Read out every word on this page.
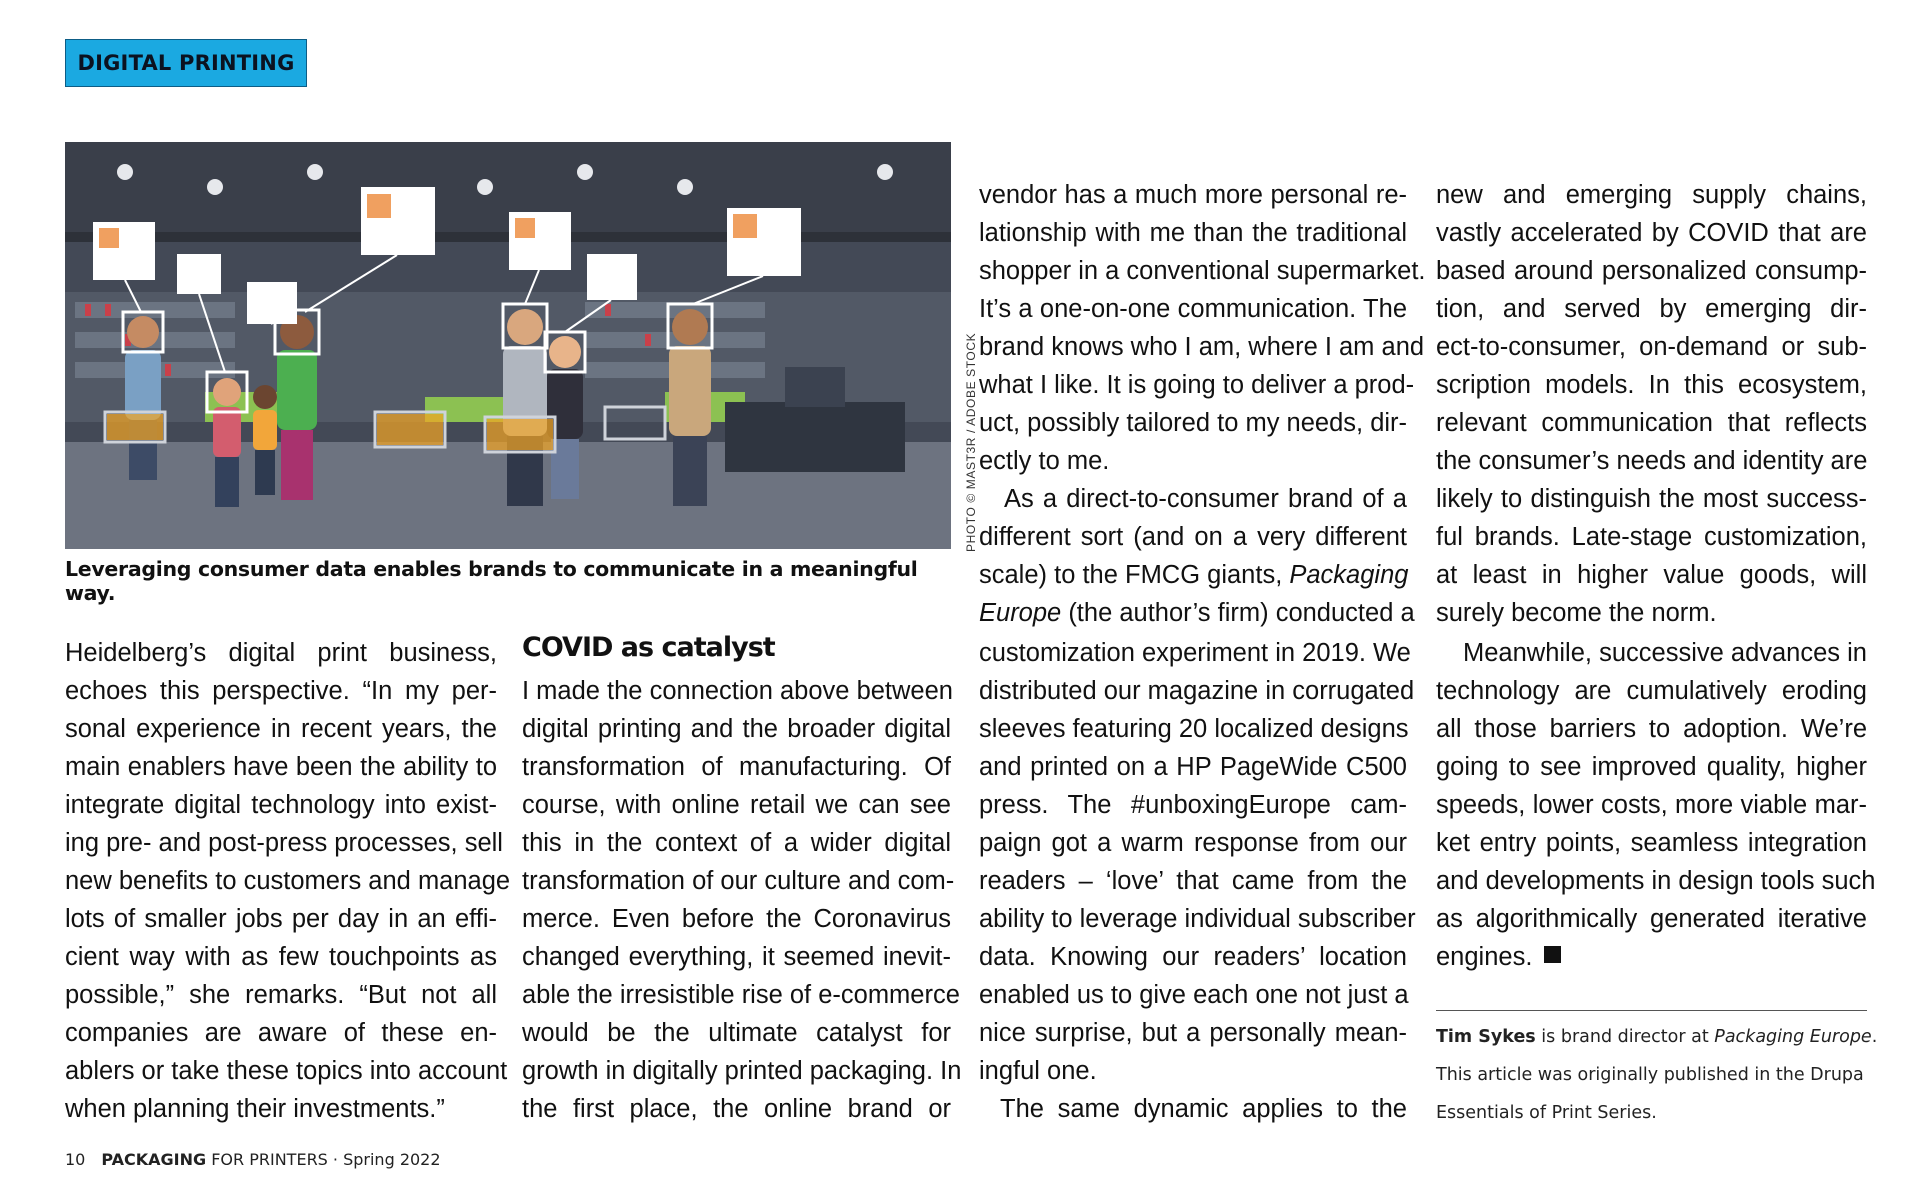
DIGITAL PRINTING
PHOTO © MAST3R / ADOBE STOCK
Leveraging consumer data enables brands to communicate in a meaningful way.
Heidelberg’s digital print business,
echoes this perspective. “In my per-
sonal experience in recent years, the
main enablers have been the ability to
integrate digital technology into exist-
ing pre- and post-press processes, sell
new benefits to customers and manage
lots of smaller jobs per day in an effi-
cient way with as few touchpoints as
possible,” she remarks. “But not all
companies are aware of these en-
ablers or take these topics into account
when planning their investments.”
COVID as catalyst
I made the connection above between
digital printing and the broader digital
transformation of manufacturing. Of
course, with online retail we can see
this in the context of a wider digital
transformation of our culture and com-
merce. Even before the Coronavirus
changed everything, it seemed inevit-
able the irresistible rise of e-commerce
would be the ultimate catalyst for
growth in digitally printed packaging. In
the first place, the online brand or
vendor has a much more personal re-
lationship with me than the traditional
shopper in a conventional supermarket.
It’s a one-on-one communication. The
brand knows who I am, where I am and
what I like. It is going to deliver a prod-
uct, possibly tailored to my needs, dir-
ectly to me.
As a direct-to-consumer brand of a
different sort (and on a very different
scale) to the FMCG giants, Packaging
Europe (the author’s firm) conducted a
customization experiment in 2019. We
distributed our magazine in corrugated
sleeves featuring 20 localized designs
and printed on a HP PageWide C500
press. The #unboxingEurope cam-
paign got a warm response from our
readers – ‘love’ that came from the
ability to leverage individual subscriber
data. Knowing our readers’ location
enabled us to give each one not just a
nice surprise, but a personally mean-
ingful one.
The same dynamic applies to the
new and emerging supply chains,
vastly accelerated by COVID that are
based around personalized consump-
tion, and served by emerging dir-
ect-to-consumer, on-demand or sub-
scription models. In this ecosystem,
relevant communication that reflects
the consumer’s needs and identity are
likely to distinguish the most success-
ful brands. Late-stage customization,
at least in higher value goods, will
surely become the norm.
Meanwhile, successive advances in
technology are cumulatively eroding
all those barriers to adoption. We’re
going to see improved quality, higher
speeds, lower costs, more viable mar-
ket entry points, seamless integration
and developments in design tools such
as algorithmically generated iterative
engines.
Tim Sykes is brand director at Packaging Europe.
This article was originally published in the Drupa
Essentials of Print Series.
10 PACKAGING FOR PRINTERS · Spring 2022
